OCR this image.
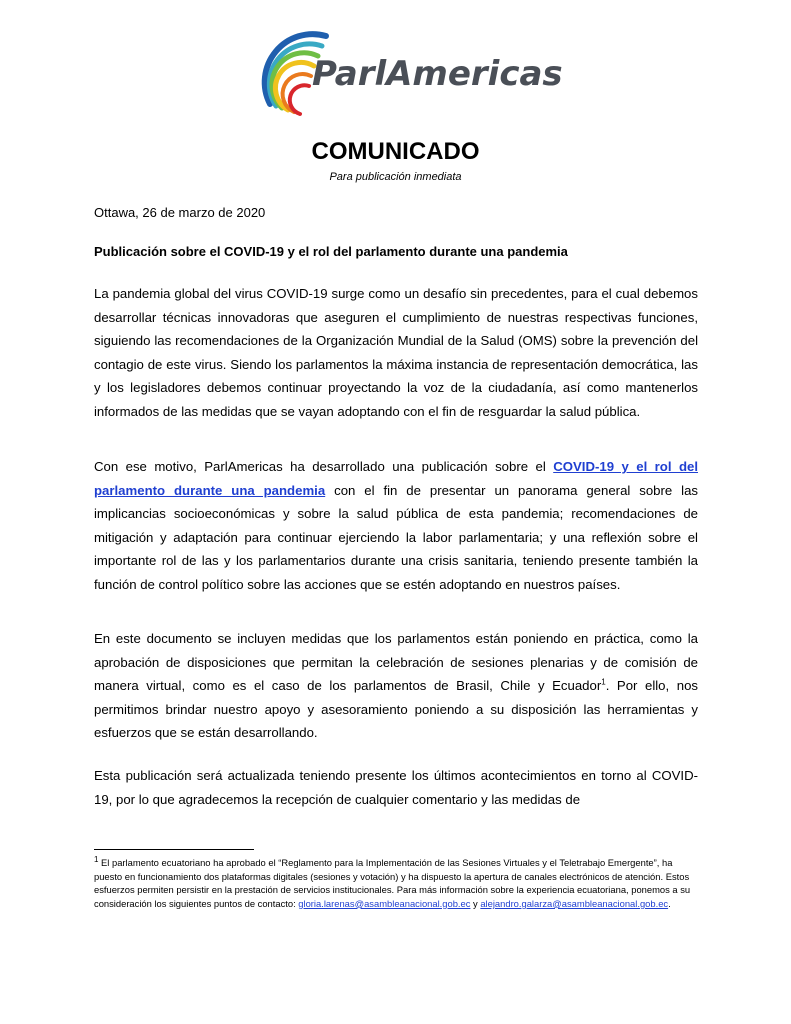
ParlAmericas
COMUNICADO
Para publicación inmediata
Ottawa, 26 de marzo de 2020
Publicación sobre el COVID-19 y el rol del parlamento durante una pandemia

La pandemia global del virus COVID-19 surge como un desafío sin precedentes, para el cual debemos desarrollar técnicas innovadoras que aseguren el cumplimiento de nuestras respectivas funciones, siguiendo las recomendaciones de la Organización Mundial de la Salud (OMS) sobre la prevención del contagio de este virus. Siendo los parlamentos la máxima instancia de representación democrática, las y los legisladores debemos continuar proyectando la voz de la ciudadanía, así como mantenerlos informados de las medidas que se vayan adoptando con el fin de resguardar la salud pública.

Con ese motivo, ParlAmericas ha desarrollado una publicación sobre el COVID-19 y el rol del parlamento durante una pandemia con el fin de presentar un panorama general sobre las implicancias socioeconómicas y sobre la salud pública de esta pandemia; recomendaciones de mitigación y adaptación para continuar ejerciendo la labor parlamentaria; y una reflexión sobre el importante rol de las y los parlamentarios durante una crisis sanitaria, teniendo presente también la función de control político sobre las acciones que se estén adoptando en nuestros países.

En este documento se incluyen medidas que los parlamentos están poniendo en práctica, como la aprobación de disposiciones que permitan la celebración de sesiones plenarias y de comisión de manera virtual, como es el caso de los parlamentos de Brasil, Chile y Ecuador$^1$. Por ello, nos permitimos brindar nuestro apoyo y asesoramiento poniendo a su disposición las herramientas y esfuerzos que se están desarrollando.

Esta publicación será actualizada teniendo presente los últimos acontecimientos en torno al COVID-19, por lo que agradecemos la recepción de cualquier comentario y las medidas de

$^1$ El parlamento ecuatoriano ha aprobado el “Reglamento para la Implementación de las Sesiones Virtuales y el Teletrabajo Emergente”, ha puesto en funcionamiento dos plataformas digitales (sesiones y votación) y ha dispuesto la apertura de canales electrónicos de atención. Estos esfuerzos permiten persistir en la prestación de servicios institucionales. Para más información sobre la experiencia ecuatoriana, ponemos a su consideración los siguientes puntos de contacto: gloria.larenas@asambleanacional.gob.ec y alejandro.galarza@asambleanacional.gob.ec.
